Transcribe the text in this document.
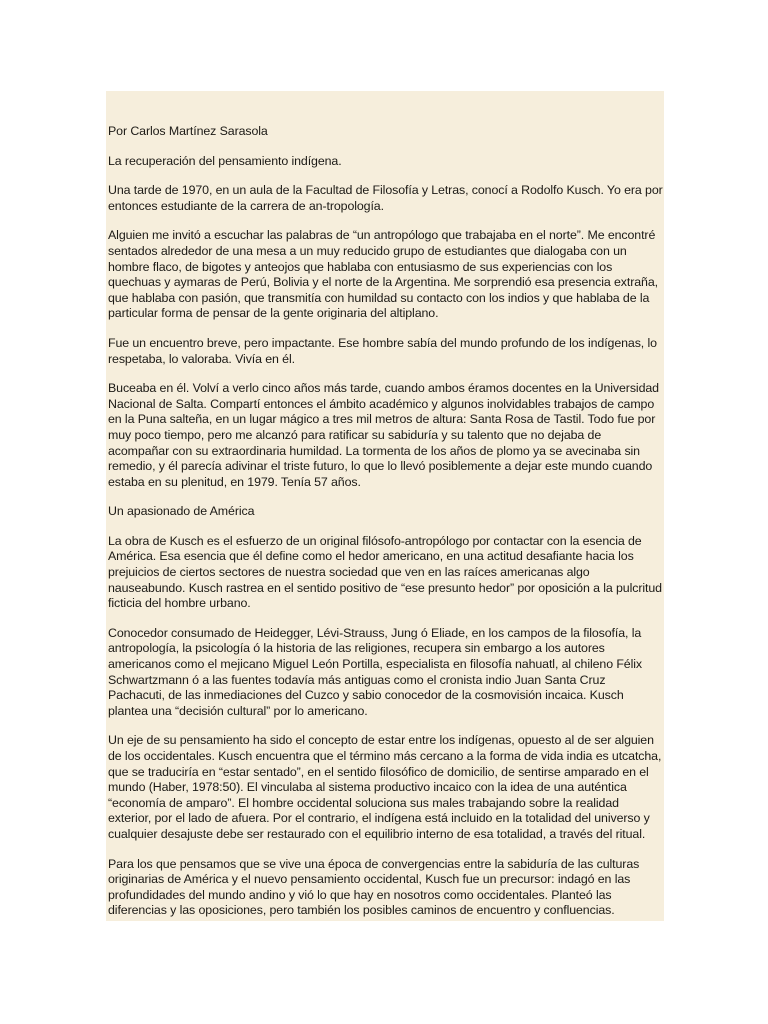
Por Carlos Martínez Sarasola

La recuperación del pensamiento indígena.

Una tarde de 1970, en un aula de la Facultad de Filosofía y Letras, conocí a Rodolfo Kusch. Yo era por entonces estudiante de la carrera de an-tropología.

Alguien me invitó a escuchar las palabras de “un antropólogo que trabajaba en el norte”. Me encontré sentados alrededor de una mesa a un muy reducido grupo de estudiantes que dialogaba con un hombre flaco, de bigotes y anteojos que hablaba con entusiasmo de sus experiencias con los quechuas y aymaras de Perú, Bolivia y el norte de la Argentina. Me sorprendió esa presencia extraña, que hablaba con pasión, que transmitía con humildad su contacto con los indios y que hablaba de la particular forma de pensar de la gente originaria del altiplano.

Fue un encuentro breve, pero impactante. Ese hombre sabía del mundo profundo de los indígenas, lo respetaba, lo valoraba. Vivía en él.

Buceaba en él. Volví a verlo cinco años más tarde, cuando ambos éramos docentes en la Universidad Nacional de Salta. Compartí entonces el ámbito académico y algunos inolvidables trabajos de campo en la Puna salteña, en un lugar mágico a tres mil metros de altura: Santa Rosa de Tastil. Todo fue por muy poco tiempo, pero me alcanzó para ratificar su sabiduría y su talento que no dejaba de acompañar con su extraordinaria humildad. La tormenta de los años de plomo ya se avecinaba sin remedio, y él parecía adivinar el triste futuro, lo que lo llevó posiblemente a dejar este mundo cuando estaba en su plenitud, en 1979. Tenía 57 años.

Un apasionado de América

La obra de Kusch es el esfuerzo de un original filósofo-antropólogo por contactar con la esencia de América. Esa esencia que él define como el hedor americano, en una actitud desafiante hacia los prejuicios de ciertos sectores de nuestra sociedad que ven en las raíces americanas algo nauseabundo. Kusch rastrea en el sentido positivo de “ese presunto hedor” por oposición a la pulcritud ficticia del hombre urbano.

Conocedor consumado de Heidegger, Lévi-Strauss, Jung ó Eliade, en los campos de la filosofía, la antropología, la psicología ó la historia de las religiones, recupera sin embargo a los autores americanos como el mejicano Miguel León Portilla, especialista en filosofía nahuatl, al chileno Félix Schwartzmann ó a las fuentes todavía más antiguas como el cronista indio Juan Santa Cruz Pachacuti, de las inmediaciones del Cuzco y sabio conocedor de la cosmovisión incaica. Kusch plantea una “decisión cultural” por lo americano.

Un eje de su pensamiento ha sido el concepto de estar entre los indígenas, opuesto al de ser alguien de los occidentales. Kusch encuentra que el término más cercano a la forma de vida india es utcatcha, que se traduciría en “estar sentado”, en el sentido filosófico de domicilio, de sentirse amparado en el mundo (Haber, 1978:50). El vinculaba al sistema productivo incaico con la idea de una auténtica “economía de amparo”. El hombre occidental soluciona sus males trabajando sobre la realidad exterior, por el lado de afuera. Por el contrario, el indígena está incluido en la totalidad del universo y cualquier desajuste debe ser restaurado con el equilibrio interno de esa totalidad, a través del ritual.

Para los que pensamos que se vive una época de convergencias entre la sabiduría de las culturas originarias de América y el nuevo pensamiento occidental, Kusch fue un precursor: indagó en las profundidades del mundo andino y vió lo que hay en nosotros como occidentales. Planteó las diferencias y las oposiciones, pero también los posibles caminos de encuentro y confluencias.
